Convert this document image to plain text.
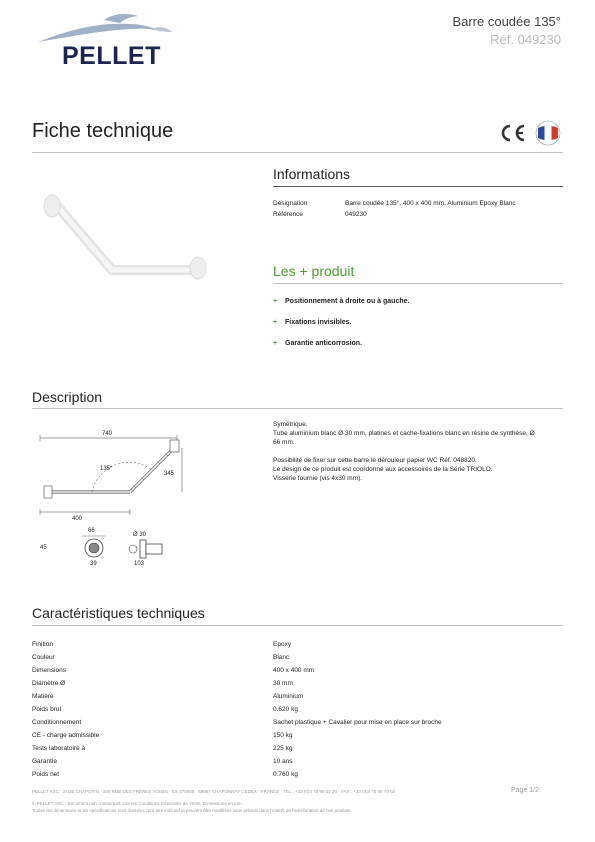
PELLET
Barre coudée 135°
Réf. 049230
Fiche technique
Informations
Désignation	Barre coudée 135°, 400 x 400 mm, Aluminium Epoxy Blanc
Référence	049230
Les + produit
+	Positionnement à droite ou à gauche.
+	Fixations invisibles.
+	Garantie anticorrosion.
Description
740
135°
345
400
66
45
39
Ø 30
103
Symétrique.
Tube aluminium blanc Ø 30 mm, platines et cache-fixations blanc en résine de synthèse, Ø
66 mm.
Possibilité de fixer sur cette barre le dérouleur papier WC Réf. 048820.
Le design de ce produit est coordonné aux accessoires de la Série TRIOLO.
Visserie fournie (vis 4x30 mm).
Caractéristiques techniques
Finition	Epoxy
Couleur	Blanc
Dimensions	400 x 400 mm
Diamètre Ø	30 mm
Matière	Aluminium
Poids brut	0.620 kg
Conditionnement	Sachet plastique + Cavalier pour mise en place sur broche
CE - charge admissible	150 kg
Tests laboratoire à	225 kg
Garantie	10 ans
Poids net	0.760 kg
PELLET ASC · ZI DE CHAPOTIN · 240 RUE DES FRÈRES VOISIN · CS 270040 · 69967 CHAPONNAY CEDEX · FRANCE · TEL : +33 (0)4 78 96 02 20 · FAX : +33 (0)4 78 96 70 02	Page 1/2
© PELLET ASC - Document non contractuel. Lire les Conditions Générales de Vente. Dimensions en mm.
Toutes les dimensions et les spécifications sont données qu'à titre indicatif et peuvent être modifiées sans préavis dans l'intérêt de l'amélioration de nos produits.
